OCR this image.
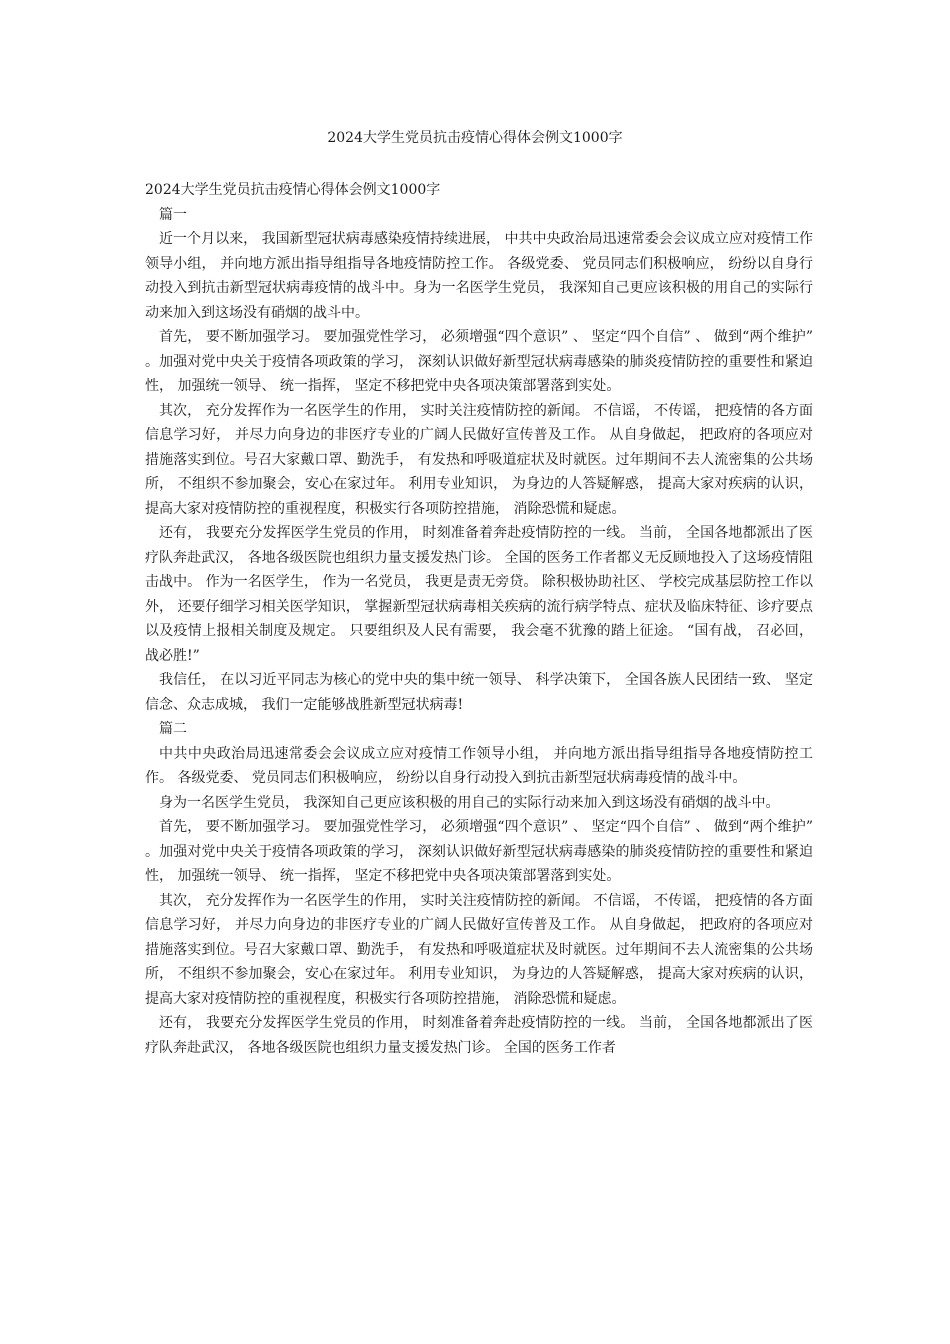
2024大学生党员抗击疫情心得体会例文1000字

2024大学生党员抗击疫情心得体会例文1000字

篇一

近一个月以来， 我国新型冠状病毒感染疫情持续进展， 中共中央政治局迅速常委会会议成立应对疫情工作领导小组， 并向地方派出指导组指导各地疫情防控工作。 各级党委、 党员同志们积极响应， 纷纷以自身行动投入到抗击新型冠状病毒疫情的战斗中。身为一名医学生党员， 我深知自己更应该积极的用自己的实际行动来加入到这场没有硝烟的战斗中。

首先， 要不断加强学习。 要加强党性学习， 必须增强“四个意识” 、 坚定“四个自信” 、 做到“两个维护” 。加强对党中央关于疫情各项政策的学习， 深刻认识做好新型冠状病毒感染的肺炎疫情防控的重要性和紧迫性， 加强统一领导、 统一指挥， 坚定不移把党中央各项决策部署落到实处。

其次， 充分发挥作为一名医学生的作用， 实时关注疫情防控的新闻。 不信谣， 不传谣， 把疫情的各方面信息学习好， 并尽力向身边的非医疗专业的广阔人民做好宣传普及工作。 从自身做起， 把政府的各项应对措施落实到位。号召大家戴口罩、勤洗手， 有发热和呼吸道症状及时就医。过年期间不去人流密集的公共场所， 不组织不参加聚会，安心在家过年。 利用专业知识， 为身边的人答疑解惑， 提高大家对疾病的认识， 提高大家对疫情防控的重视程度，积极实行各项防控措施， 消除恐慌和疑虑。

还有， 我要充分发挥医学生党员的作用， 时刻准备着奔赴疫情防控的一线。 当前， 全国各地都派出了医疗队奔赴武汉， 各地各级医院也组织力量支援发热门诊。 全国的医务工作者都义无反顾地投入了这场疫情阻击战中。 作为一名医学生， 作为一名党员， 我更是责无旁贷。 除积极协助社区、 学校完成基层防控工作以外， 还要仔细学习相关医学知识， 掌握新型冠状病毒相关疾病的流行病学特点、症状及临床特征、诊疗要点以及疫情上报相关制度及规定。 只要组织及人民有需要， 我会毫不犹豫的踏上征途。 “国有战， 召必回， 战必胜!”

我信任， 在以习近平同志为核心的党中央的集中统一领导、 科学决策下， 全国各族人民团结一致、 坚定信念、众志成城， 我们一定能够战胜新型冠状病毒!

篇二

中共中央政治局迅速常委会会议成立应对疫情工作领导小组， 并向地方派出指导组指导各地疫情防控工作。 各级党委、 党员同志们积极响应， 纷纷以自身行动投入到抗击新型冠状病毒疫情的战斗中。

身为一名医学生党员， 我深知自己更应该积极的用自己的实际行动来加入到这场没有硝烟的战斗中。

首先， 要不断加强学习。 要加强党性学习， 必须增强“四个意识” 、 坚定“四个自信” 、 做到“两个维护” 。加强对党中央关于疫情各项政策的学习， 深刻认识做好新型冠状病毒感染的肺炎疫情防控的重要性和紧迫性， 加强统一领导、 统一指挥， 坚定不移把党中央各项决策部署落到实处。

其次， 充分发挥作为一名医学生的作用， 实时关注疫情防控的新闻。 不信谣， 不传谣， 把疫情的各方面信息学习好， 并尽力向身边的非医疗专业的广阔人民做好宣传普及工作。 从自身做起， 把政府的各项应对措施落实到位。号召大家戴口罩、勤洗手， 有发热和呼吸道症状及时就医。过年期间不去人流密集的公共场所， 不组织不参加聚会，安心在家过年。 利用专业知识， 为身边的人答疑解惑， 提高大家对疾病的认识， 提高大家对疫情防控的重视程度，积极实行各项防控措施， 消除恐慌和疑虑。

还有， 我要充分发挥医学生党员的作用， 时刻准备着奔赴疫情防控的一线。 当前， 全国各地都派出了医疗队奔赴武汉， 各地各级医院也组织力量支援发热门诊。 全国的医务工作者
